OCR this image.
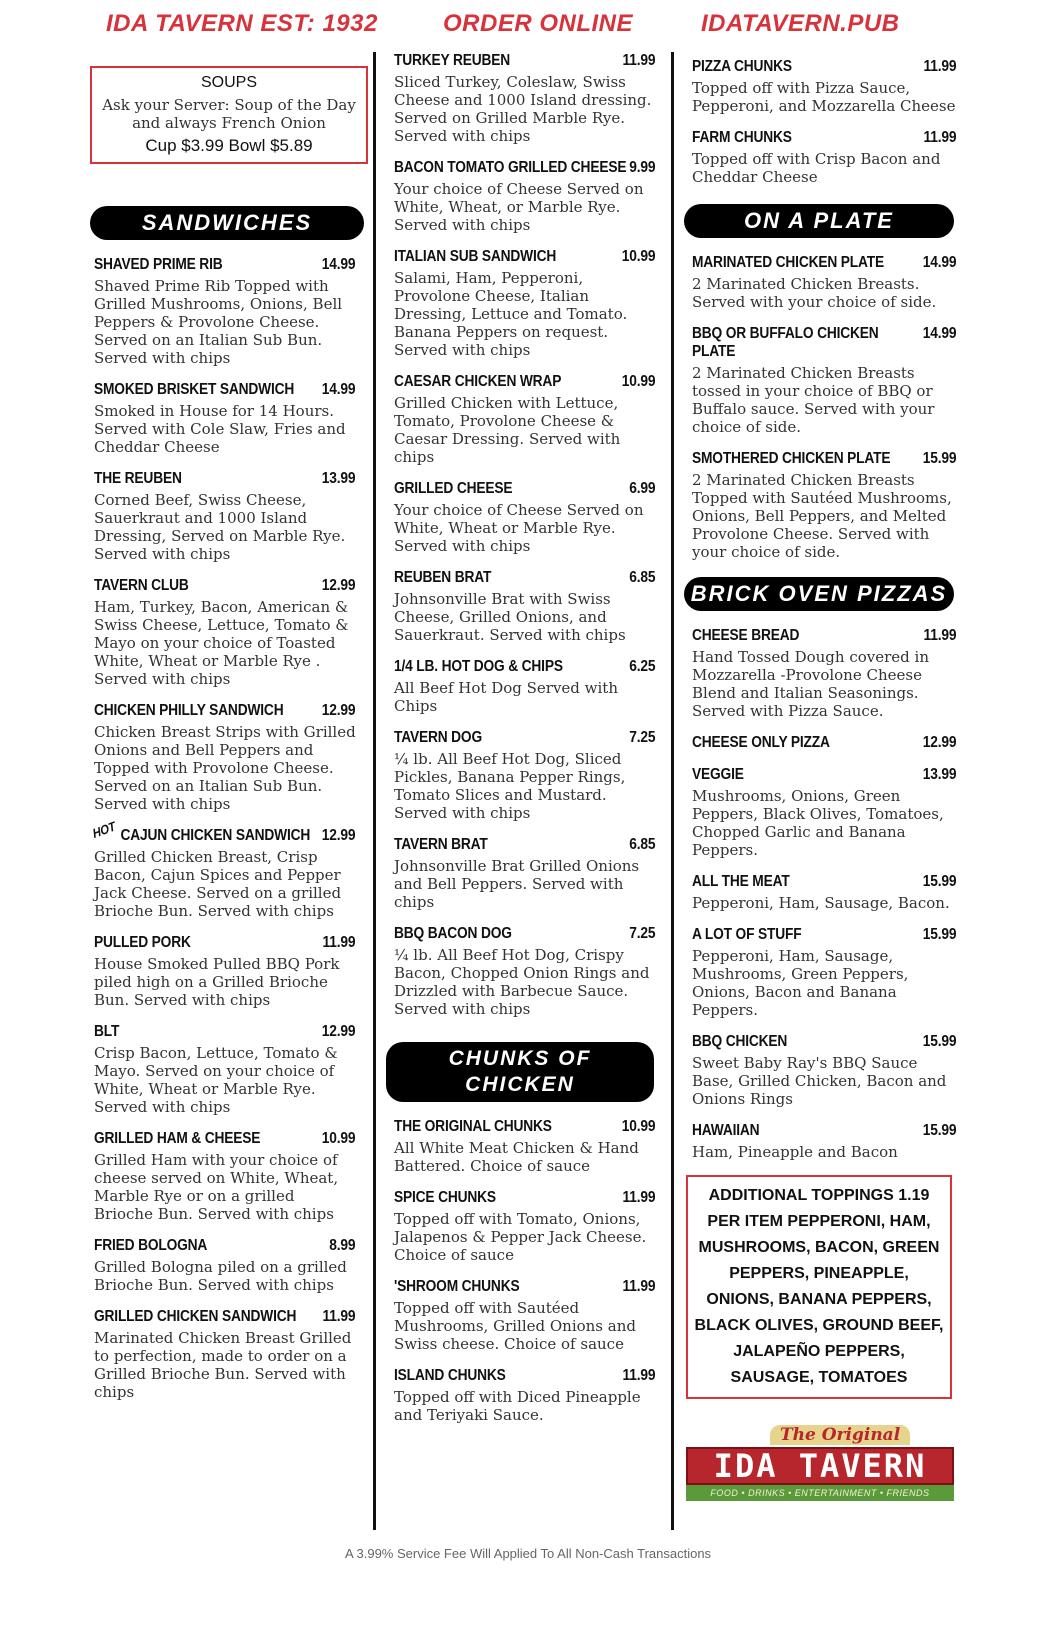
IDA TAVERN EST: 1932	ORDER ONLINE	IDATAVERN.PUB
SOUPS
Ask your Server: Soup of the Day and always French Onion
Cup $3.99 Bowl $5.89
SANDWICHES
SHAVED PRIME RIB	14.99
Shaved Prime Rib Topped with Grilled Mushrooms, Onions, Bell Peppers & Provolone Cheese. Served on an Italian Sub Bun. Served with chips
SMOKED BRISKET SANDWICH 14.99
Smoked in House for 14 Hours. Served with Cole Slaw, Fries and Cheddar Cheese
THE REUBEN	13.99
Corned Beef, Swiss Cheese, Sauerkraut and 1000 Island Dressing, Served on Marble Rye. Served with chips
TAVERN CLUB	12.99
Ham, Turkey, Bacon, American & Swiss Cheese, Lettuce, Tomato & Mayo on your choice of Toasted White, Wheat or Marble Rye . Served with chips
CHICKEN PHILLY SANDWICH 12.99
Chicken Breast Strips with Grilled Onions and Bell Peppers and Topped with Provolone Cheese. Served on an Italian Sub Bun. Served with chips
HOT CAJUN CHICKEN SANDWICH 12.99
Grilled Chicken Breast, Crisp Bacon, Cajun Spices and Pepper Jack Cheese. Served on a grilled Brioche Bun. Served with chips
PULLED PORK	11.99
House Smoked Pulled BBQ Pork piled high on a Grilled Brioche Bun. Served with chips
BLT	12.99
Crisp Bacon, Lettuce, Tomato & Mayo. Served on your choice of White, Wheat or Marble Rye. Served with chips
GRILLED HAM & CHEESE	10.99
Grilled Ham with your choice of cheese served on White, Wheat, Marble Rye or on a grilled Brioche Bun. Served with chips
FRIED BOLOGNA	8.99
Grilled Bologna piled on a grilled Brioche Bun. Served with chips
GRILLED CHICKEN SANDWICH 11.99
Marinated Chicken Breast Grilled to perfection, made to order on a Grilled Brioche Bun. Served with chips
TURKEY REUBEN	11.99
Sliced Turkey, Coleslaw, Swiss Cheese and 1000 Island dressing. Served on Grilled Marble Rye. Served with chips
BACON TOMATO GRILLED CHEESE 9.99
Your choice of Cheese Served on White, Wheat, or Marble Rye. Served with chips
ITALIAN SUB SANDWICH	10.99
Salami, Ham, Pepperoni, Provolone Cheese, Italian Dressing, Lettuce and Tomato. Banana Peppers on request. Served with chips
CAESAR CHICKEN WRAP	10.99
Grilled Chicken with Lettuce, Tomato, Provolone Cheese & Caesar Dressing. Served with chips
GRILLED CHEESE	6.99
Your choice of Cheese Served on White, Wheat or Marble Rye. Served with chips
REUBEN BRAT	6.85
Johnsonville Brat with Swiss Cheese, Grilled Onions, and Sauerkraut. Served with chips
1/4 LB. HOT DOG & CHIPS	6.25
All Beef Hot Dog Served with Chips
TAVERN DOG	7.25
¼ lb. All Beef Hot Dog, Sliced Pickles, Banana Pepper Rings, Tomato Slices and Mustard. Served with chips
TAVERN BRAT	6.85
Johnsonville Brat Grilled Onions and Bell Peppers. Served with chips
BBQ BACON DOG	7.25
¼ lb. All Beef Hot Dog, Crispy Bacon, Chopped Onion Rings and Drizzled with Barbecue Sauce. Served with chips
CHUNKS OF CHICKEN
THE ORIGINAL CHUNKS	10.99
All White Meat Chicken & Hand Battered. Choice of sauce
SPICE CHUNKS	11.99
Topped off with Tomato, Onions, Jalapenos & Pepper Jack Cheese. Choice of sauce
'SHROOM CHUNKS	11.99
Topped off with Sautéed Mushrooms, Grilled Onions and Swiss cheese. Choice of sauce
ISLAND CHUNKS	11.99
Topped off with Diced Pineapple and Teriyaki Sauce.
PIZZA CHUNKS	11.99
Topped off with Pizza Sauce, Pepperoni, and Mozzarella Cheese
FARM CHUNKS	11.99
Topped off with Crisp Bacon and Cheddar Cheese
ON A PLATE
MARINATED CHICKEN PLATE 14.99
2 Marinated Chicken Breasts. Served with your choice of side.
BBQ OR BUFFALO CHICKEN PLATE
14.99
2 Marinated Chicken Breasts tossed in your choice of BBQ or Buffalo sauce. Served with your choice of side.
SMOTHERED CHICKEN PLATE 15.99
2 Marinated Chicken Breasts Topped with Sautéed Mushrooms, Onions, Bell Peppers, and Melted Provolone Cheese. Served with your choice of side.
BRICK OVEN PIZZAS
CHEESE BREAD	11.99
Hand Tossed Dough covered in Mozzarella -Provolone Cheese Blend and Italian Seasonings. Served with Pizza Sauce.
CHEESE ONLY PIZZA	12.99
VEGGIE	13.99
Mushrooms, Onions, Green Peppers, Black Olives, Tomatoes, Chopped Garlic and Banana Peppers.
ALL THE MEAT	15.99
Pepperoni, Ham, Sausage, Bacon.
A LOT OF STUFF	15.99
Pepperoni, Ham, Sausage, Mushrooms, Green Peppers, Onions, Bacon and Banana Peppers.
BBQ CHICKEN	15.99
Sweet Baby Ray's BBQ Sauce Base, Grilled Chicken, Bacon and Onions Rings
HAWAIIAN	15.99
Ham, Pineapple and Bacon
ADDITIONAL TOPPINGS 1.19 PER ITEM PEPPERONI, HAM, MUSHROOMS, BACON, GREEN PEPPERS, PINEAPPLE, ONIONS, BANANA PEPPERS, BLACK OLIVES, GROUND BEEF, JALAPEÑO PEPPERS, SAUSAGE, TOMATOES
The Original
IDA TAVERN
FOOD • DRINKS • ENTERTAINMENT • FRIENDS
A 3.99% Service Fee Will Applied To All Non-Cash Transactions
